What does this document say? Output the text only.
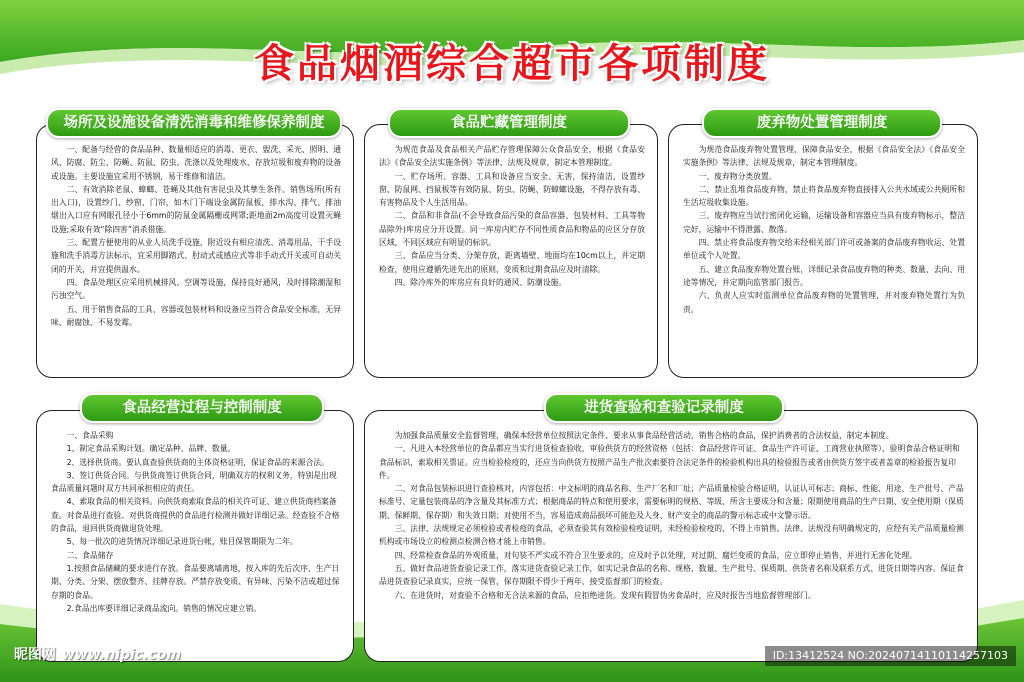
食品烟酒综合超市各项制度
场所及设施设备清洗消毒和维修保养制度

一、配备与经营的食品品种、数量相适应的消毒、更衣、盥洗、采光、照明、通风、防腐、防尘、防蝇、防鼠、防虫、洗涤以及处理废水、存放垃圾和废弃物的设备或设施。主要设施宜采用不锈钢，易于维修和清洁。

二、有效消除老鼠、蟑螂、苍蝇及其他有害昆虫及其孳生条件。销售场所(所有出入口)，设置纱门、纱窗、门帘，如木门下端设金属防鼠板，排水沟、排气、排油烟出入口应有网眼孔径小于6mm的防鼠金属隔栅或网罩;距地面2m高度可设置灭蝇设施;采取有效“除四害”消杀措施。

三、配置方便使用的从业人员洗手设施，附近设有相应清洗、消毒用品、干手设施和洗手消毒方法标示，宜采用脚踏式、肘动式或感应式等非手动式开关或可自动关闭的开关，并宜提供温水。

四、食品处理区应采用机械排风、空调等设施，保持良好通风，及时排除潮湿和污浊空气。

五、用于销售食品的工具、容器或包装材料和设备应当符合食品安全标准，无异味、耐腐蚀、不易发霉。

食品贮藏管理制度

为规范食品及食品相关产品贮存管理保障公众食品安全，根据《食品安法》《食品安全法实施条例》等法律、法规及规章，制定本管理制度。

一、贮存场所、容器、工具和设备应当安全、无害，保持清洁，设置纱窗、防鼠网、挡鼠板等有效防鼠、防虫、防蝇、防蟑螂设施，不得存放有毒、有害物品及个人生活用品。

二、食品和非食品(不会导致食品污染的食品容器、包装材料、工具等物品除外)库房应分开设置。同一库房内贮存不同性质食品和物品的应区分存放区域，不同区域应有明显的标识。

三、食品应当分类、分架存放，距离墙壁、地面均在10cm以上，并定期检查，使用应遵循先进先出的原则，变质和过期食品应及时清除。

四、除冷库外的库房应有良好的通风、防潮设施。

废弃物处置管理制度

为规范食品废弃物处置管理，保障食品安全，根据《食品安全法》《食品安全实施条例》等法律、法规及规章，制定本管理制度。

一、废弃物分类放置。

二、禁止乱堆食品废弃物，禁止将食品废弃物直接排入公共水域或公共厕所和生活垃圾收集设施。

三、废弃物应当试行密闭化运输，运输设备和容器应当具有废弃物标示，整洁完好，运输中不得泄露、散落。

四、禁止将食品废弃物交给未经相关部门许可或备案的食品废弃物收运、处置单位或个人处置。

五、建立食品废弃物处置台账，详细记录食品废弃物的种类、数量、去向、用途等情况，并定期向监管部门报告。

六、负责人应实时监测单位食品废弃物的处置管理，并对废弃物处置行为负责。

食品经营过程与控制制度

一、食品采购

1、制定食品采购计划。确定品种、品牌、数量。

2、选择供货商。要认真查验供货商的主体资格证明，保证食品的来源合法。

3、签订供货合同。与供货商签订供货合同，明确双方的权利义务，特别是出现食品质量问题时双方共同承担相应的责任。

4、索取食品的相关资料。向供货商索取食品的相关许可证、建立供货商档案备查。对食品进行查验。对供货商提供的食品进行检测并做好详细记录。经查验不合格的食品，退回供货商做退货处理。

5、每一批次的进货情况详细记录进货台帐，账目保管期限为二年。

二、食品储存

1.按照食品储藏的要求进行存放。食品要离墙离地，按入库的先后次序、生产日期、分类、分架、摆放整齐、挂牌存放。严禁存放变质、有异味、污染不洁或超过保存期的食品。

2.食品出库要详细记录商品流向。销售的情况应建立销。

进货查验和查验记录制度

为加强食品质量安全监督管理，确保本经营单位按照法定条件、要求从事食品经营活动，销售合格的食品，保护消费者的合法权益，制定本制度。

一、凡进入本经营单位的食品都应当实行进货检查验收，审验供货方的经营资格（包括：食品经营许可证、食品生产许可证、工商营业执照等），验明食品合格证明和食品标识，索取相关票证。应当检验检疫的，还应当向供货方按照产品生产批次索要符合法定条件的检验机构出具的检验报告或者由供货方签字或者盖章的检验报告复印件。

二、对食品包装标识进行查验核对，内容包括：中文标明的商品名称、生产厂名和厂址；产品质量检验合格证明，认证认可标志；商标、性能、用途、生产批号、产品标准号、定量包装商品的净含量及其标准方式；根据商品的特点和使用要求，需要标明的规格、等级、所含主要成分和含量；限期使用商品的生产日期、安全使用期（保质期、保鲜期、保存期）和失效日期；对使用不当，容易造成商品损坏可能危及人身、财产安全的商品的警示标志或中文警示语。

三、法律、法规规定必须检验或者检疫的食品，必须查验其有效检验检疫证明，未经检验检疫的，不得上市销售。法律、法规没有明确规定的，应经有关产品质量检测机构或市场设立的检测点检测合格才能上市销售。

四、经常检查食品的外观质量，对句装不严实或不符合卫生要求的，应及时予以处理，对过期、腐烂变质的食品，应立即停止销售，并进行无害化处理。

五、做好食品进货查验记录工作，落实进货查验记录工作，如实记录食品的名称、规格、数量、生产批号、保质期、供货者名称及联系方式、进货日期等内容。保证食品进货查验记录真实，应统一保管，保存期限不得少于两年，接受监督部门的检查。

六、在进货时，对查验不合格和无合法来源的食品，应拒绝进货。发现有假冒伪劣食品时，应及时报告当地监督管理部门。

昵图网 www.nipic.com	ID:13412524 NO:20240714110114257103
